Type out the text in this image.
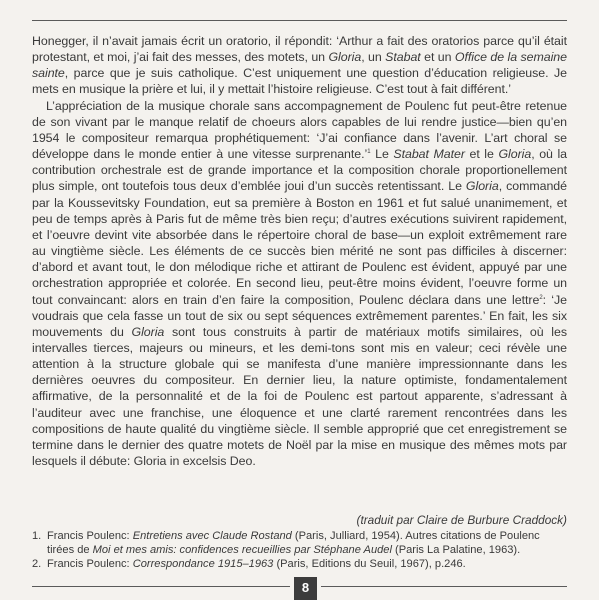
Honegger, il n’avait jamais écrit un oratorio, il répondit: ‘Arthur a fait des oratorios parce qu’il était protestant, et moi, j’ai fait des messes, des motets, un Gloria, un Stabat et un Office de la semaine sainte, parce que je suis catholique. C’est uniquement une question d’éducation religieuse. Je mets en musique la prière et lui, il y mettait l’histoire religieuse. C’est tout à fait différent.’

L’appréciation de la musique chorale sans accompagnement de Poulenc fut peut-être retenue de son vivant par le manque relatif de choeurs alors capables de lui rendre justice—bien qu’en 1954 le compositeur remarqua prophétiquement: ‘J’ai confiance dans l’avenir. L’art choral se développe dans le monde entier à une vitesse surprenante.’$^1$ Le Stabat Mater et le Gloria, où la contribution orchestrale est de grande importance et la composition chorale proportionellement plus simple, ont toutefois tous deux d’emblée joui d’un succès retentissant. Le Gloria, commandé par la Koussevitsky Foundation, eut sa première à Boston en 1961 et fut salué unanimement, et peu de temps après à Paris fut de même très bien reçu; d’autres exécutions suivirent rapidement, et l’oeuvre devint vite absorbée dans le répertoire choral de base—un exploit extrêmement rare au vingtième siècle. Les éléments de ce succès bien mérité ne sont pas difficiles à discerner: d’abord et avant tout, le don mélodique riche et attirant de Poulenc est évident, appuyé par une orchestration appropriée et colorée. En second lieu, peut-être moins évident, l’oeuvre forme un tout convaincant: alors en train d’en faire la composition, Poulenc déclara dans une lettre$^2$: ‘Je voudrais que cela fasse un tout de six ou sept séquences extrêmement parentes.’ En fait, les six mouvements du Gloria sont tous construits à partir de matériaux motifs similaires, où les intervalles tierces, majeurs ou mineurs, et les demi-tons sont mis en valeur; ceci révèle une attention à la structure globale qui se manifesta d’une manière impressionnante dans les dernières oeuvres du compositeur. En dernier lieu, la nature optimiste, fondamentalement affirmative, de la personnalité et de la foi de Poulenc est partout apparente, s’adressant à l’auditeur avec une franchise, une éloquence et une clarté rarement rencontrées dans les compositions de haute qualité du vingtième siècle. Il semble approprié que cet enregistrement se termine dans le dernier des quatre motets de Noël par la mise en musique des mêmes mots par lesquels il débute: Gloria in excelsis Deo.

(traduit par Claire de Burbure Craddock)
1. Francis Poulenc: Entretiens avec Claude Rostand (Paris, Julliard, 1954). Autres citations de Poulenc tirées de Moi et mes amis: confidences recueillies par Stéphane Audel (Paris La Palatine, 1963).
2. Francis Poulenc: Correspondance 1915–1963 (Paris, Editions du Seuil, 1967), p.246.
8
